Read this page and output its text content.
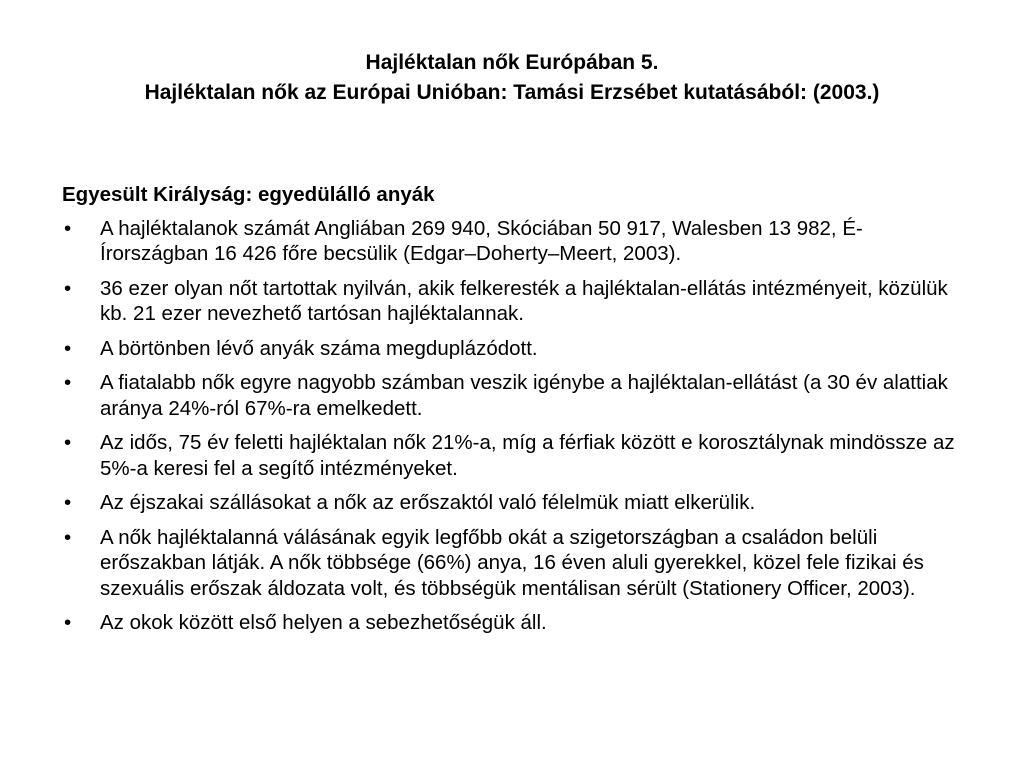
Hajléktalan nők Európában 5.
Hajléktalan nők az Európai Unióban: Tamási Erzsébet kutatásából: (2003.)
Egyesült Királyság: egyedülálló anyák
• A hajléktalanok számát Angliában 269 940, Skóciában 50 917, Walesben 13 982, É-Írországban 16 426 főre becsülik (Edgar–Doherty–Meert, 2003).
• 36 ezer olyan nőt tartottak nyilván, akik felkeresték a hajléktalan-ellátás intézményeit, közülük kb. 21 ezer nevezhető tartósan hajléktalannak.
• A börtönben lévő anyák száma megduplázódott.
• A fiatalabb nők egyre nagyobb számban veszik igénybe a hajléktalan-ellátást (a 30 év alattiak aránya 24%-ról 67%-ra emelkedett.
• Az idős, 75 év feletti hajléktalan nők 21%-a, míg a férfiak között e korosztálynak mindössze az 5%-a keresi fel a segítő intézményeket.
• Az éjszakai szállásokat a nők az erőszaktól való félelmük miatt elkerülik.
• A nők hajléktalanná válásának egyik legfőbb okát a szigetországban a családon belüli erőszakban látják. A nők többsége (66%) anya, 16 éven aluli gyerekkel, közel fele fizikai és szexuális erőszak áldozata volt, és többségük mentálisan sérült (Stationery Officer, 2003).
• Az okok között első helyen a sebezhetőségük áll.
